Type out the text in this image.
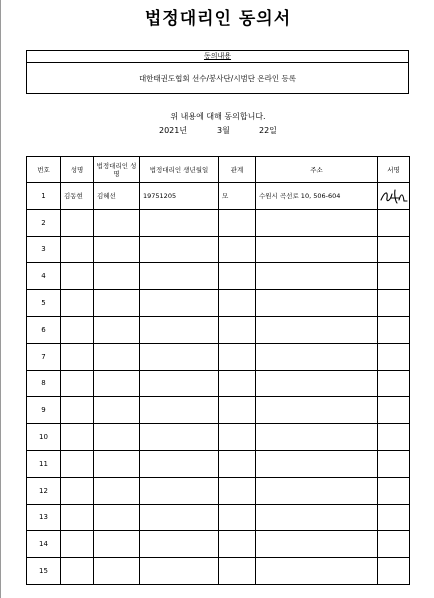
법정대리인 동의서
동의내용
대한태권도협회 선수/봉사단/시범단 온라인 등록
위 내용에 대해 동의합니다.
2021년	3월	22일
번호	성명	법정대리인 성명	법정대리인 생년월일	관계	주소	서명
1	김동현	김혜선	19751205	모	수원시 곡선로 10, 506-604	

2						
3						
4						
5						
6						
7						
8						
9						
10						
11						
12						
13						
14						
15						
